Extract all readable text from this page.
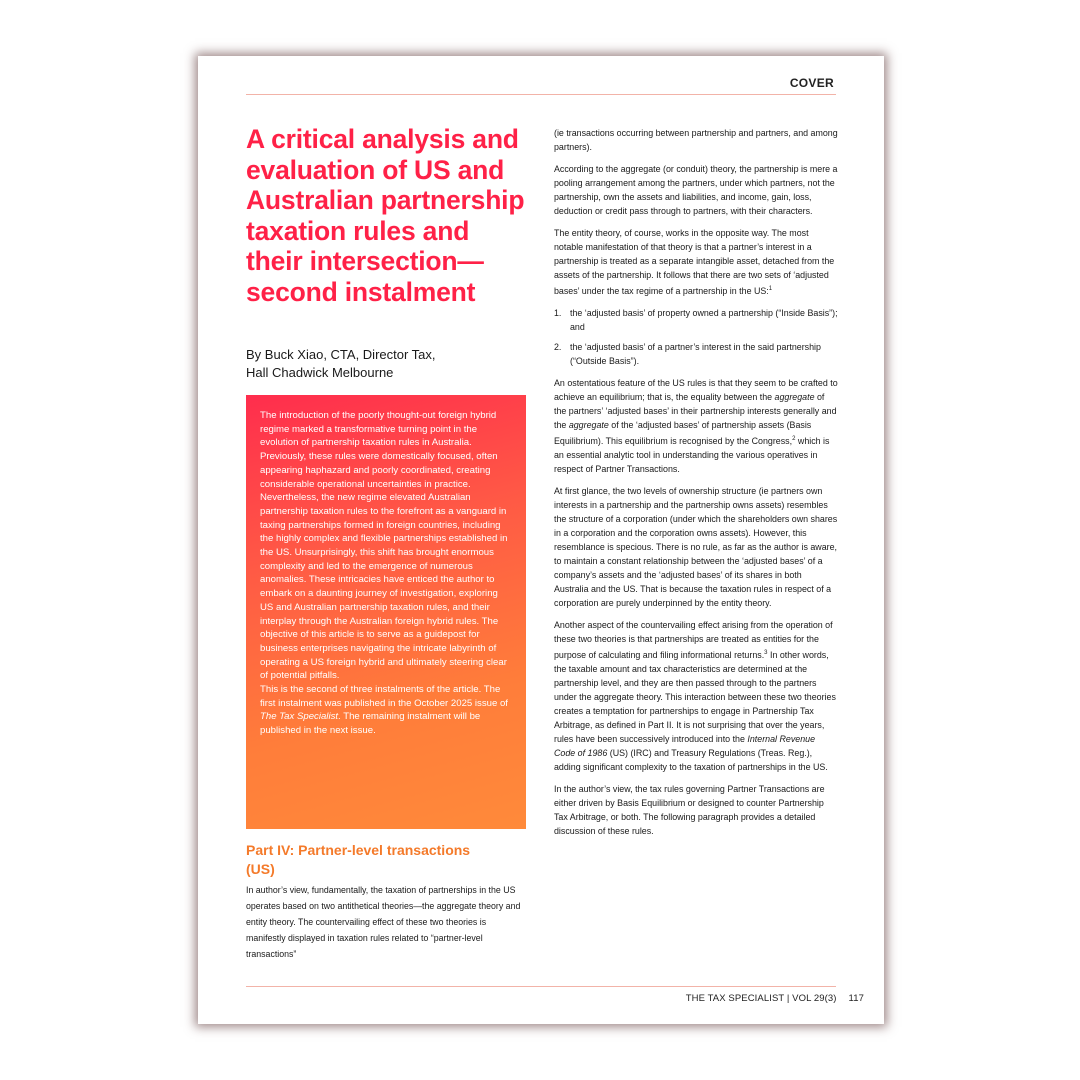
COVER
A critical analysis and evaluation of US and Australian partnership taxation rules and their intersection—second instalment
By Buck Xiao, CTA, Director Tax,
Hall Chadwick Melbourne

The introduction of the poorly thought-out foreign hybrid regime marked a transformative turning point in the evolution of partnership taxation rules in Australia. Previously, these rules were domestically focused, often appearing haphazard and poorly coordinated, creating considerable operational uncertainties in practice. Nevertheless, the new regime elevated Australian partnership taxation rules to the forefront as a vanguard in taxing partnerships formed in foreign countries, including the highly complex and flexible partnerships established in the US. Unsurprisingly, this shift has brought enormous complexity and led to the emergence of numerous anomalies. These intricacies have enticed the author to embark on a daunting journey of investigation, exploring US and Australian partnership taxation rules, and their interplay through the Australian foreign hybrid rules. The objective of this article is to serve as a guidepost for business enterprises navigating the intricate labyrinth of operating a US foreign hybrid and ultimately steering clear of potential pitfalls.

This is the second of three instalments of the article. The first instalment was published in the October 2025 issue of The Tax Specialist. The remaining instalment will be published in the next issue.

Part IV: Partner-level transactions (US)
In author’s view, fundamentally, the taxation of partnerships in the US operates based on two antithetical theories—the aggregate theory and entity theory. The countervailing effect of these two theories is manifestly displayed in taxation rules related to “partner-level transactions”

(ie transactions occurring between partnership and partners, and among partners).

According to the aggregate (or conduit) theory, the partnership is mere a pooling arrangement among the partners, under which partners, not the partnership, own the assets and liabilities, and income, gain, loss, deduction or credit pass through to partners, with their characters.

The entity theory, of course, works in the opposite way. The most notable manifestation of that theory is that a partner’s interest in a partnership is treated as a separate intangible asset, detached from the assets of the partnership. It follows that there are two sets of ‘adjusted bases’ under the tax regime of a partnership in the US:$^1$

1. the ‘adjusted basis’ of property owned a partnership (“Inside Basis”); and
2. the ‘adjusted basis’ of a partner’s interest in the said partnership (“Outside Basis”).

An ostentatious feature of the US rules is that they seem to be crafted to achieve an equilibrium; that is, the equality between the aggregate of the partners’ ‘adjusted bases’ in their partnership interests generally and the aggregate of the ‘adjusted bases’ of partnership assets (Basis Equilibrium). This equilibrium is recognised by the Congress,$^2$ which is an essential analytic tool in understanding the various operatives in respect of Partner Transactions.

At first glance, the two levels of ownership structure (ie partners own interests in a partnership and the partnership owns assets) resembles the structure of a corporation (under which the shareholders own shares in a corporation and the corporation owns assets). However, this resemblance is specious. There is no rule, as far as the author is aware, to maintain a constant relationship between the ‘adjusted bases’ of a company’s assets and the ‘adjusted bases’ of its shares in both Australia and the US. That is because the taxation rules in respect of a corporation are purely underpinned by the entity theory.

Another aspect of the countervailing effect arising from the operation of these two theories is that partnerships are treated as entities for the purpose of calculating and filing informational returns.$^3$ In other words, the taxable amount and tax characteristics are determined at the partnership level, and they are then passed through to the partners under the aggregate theory. This interaction between these two theories creates a temptation for partnerships to engage in Partnership Tax Arbitrage, as defined in Part II. It is not surprising that over the years, rules have been successively introduced into the Internal Revenue Code of 1986 (US) (IRC) and Treasury Regulations (Treas. Reg.), adding significant complexity to the taxation of partnerships in the US.

In the author’s view, the tax rules governing Partner Transactions are either driven by Basis Equilibrium or designed to counter Partnership Tax Arbitrage, or both. The following paragraph provides a detailed discussion of these rules.

THE TAX SPECIALIST | VOL 29(3) 117
